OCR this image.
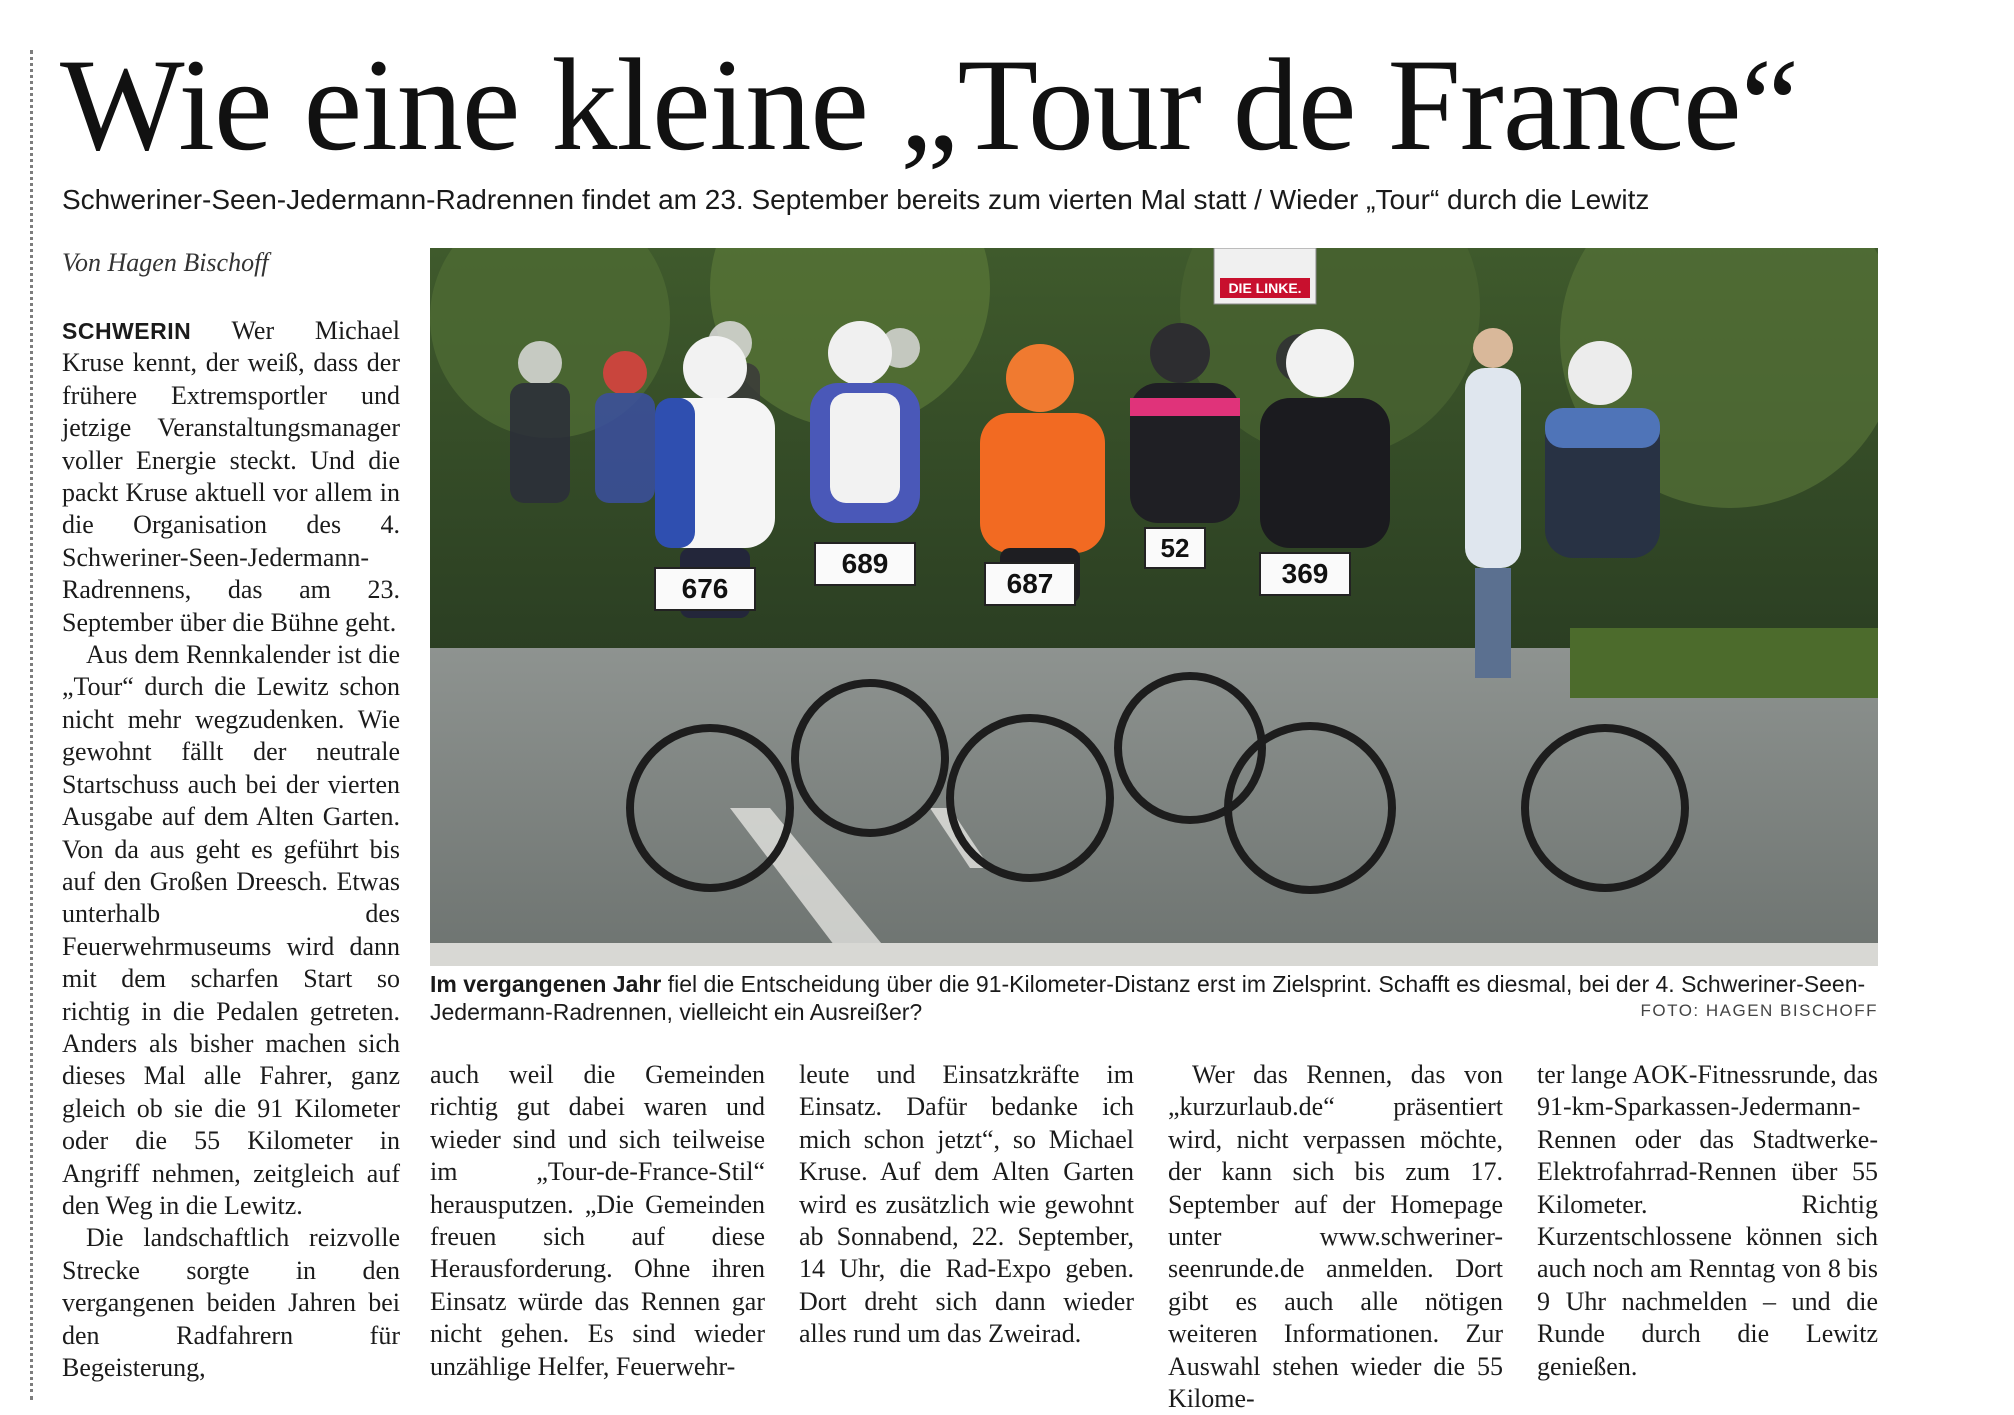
Wie eine kleine „Tour de France“
Schweriner-Seen-Jedermann-Radrennen findet am 23. September bereits zum vierten Mal statt / Wieder „Tour“ durch die Lewitz
Von Hagen Bischoff

SCHWERIN Wer Michael Kruse kennt, der weiß, dass der frühere Extremsportler und jetzige Veranstaltungsmanager voller Energie steckt. Und die packt Kruse aktuell vor allem in die Organisation des 4. Schweriner-Seen-Jedermann-Radrennens, das am 23. September über die Bühne geht.

Aus dem Rennkalender ist die „Tour“ durch die Lewitz schon nicht mehr wegzudenken. Wie gewohnt fällt der neutrale Startschuss auch bei der vierten Ausgabe auf dem Alten Garten. Von da aus geht es geführt bis auf den Großen Dreesch. Etwas unterhalb des Feuerwehrmuseums wird dann mit dem scharfen Start so richtig in die Pedalen getreten. Anders als bisher machen sich dieses Mal alle Fahrer, ganz gleich ob sie die 91 Kilometer oder die 55 Kilometer in Angriff nehmen, zeitgleich auf den Weg in die Lewitz.

Die landschaftlich reizvolle Strecke sorgte in den vergangenen beiden Jahren bei den Radfahrern für Begeisterung,

DIE LINKE.
676
689
687
52
369
Im vergangenen Jahr fiel die Entscheidung über die 91-Kilometer-Distanz erst im Zielsprint. Schafft es diesmal, bei der 4. Schweriner-Seen-Jedermann-Radrennen, vielleicht ein Ausreißer?	FOTO: HAGEN BISCHOFF

auch weil die Gemeinden richtig gut dabei waren und wieder sind und sich teilweise im „Tour-de-France-Stil“ herausputzen. „Die Gemeinden freuen sich auf diese Herausforderung. Ohne ihren Einsatz würde das Rennen gar nicht gehen. Es sind wieder unzählige Helfer, Feuerwehr-

leute und Einsatzkräfte im Einsatz. Dafür bedanke ich mich schon jetzt“, so Michael Kruse. Auf dem Alten Garten wird es zusätzlich wie gewohnt ab Sonnabend, 22. September, 14 Uhr, die Rad-Expo geben. Dort dreht sich dann wieder alles rund um das Zweirad.

Wer das Rennen, das von „kurzurlaub.de“ präsentiert wird, nicht verpassen möchte, der kann sich bis zum 17. September auf der Homepage unter www.schweriner-seenrunde.de anmelden. Dort gibt es auch alle nötigen weiteren Informationen. Zur Auswahl stehen wieder die 55 Kilome-

ter lange AOK-Fitnessrunde, das 91-km-Sparkassen-Jedermann-Rennen oder das Stadtwerke-Elektrofahrrad-Rennen über 55 Kilometer. Richtig Kurzentschlossene können sich auch noch am Renntag von 8 bis 9 Uhr nachmelden – und die Runde durch die Lewitz genießen.
